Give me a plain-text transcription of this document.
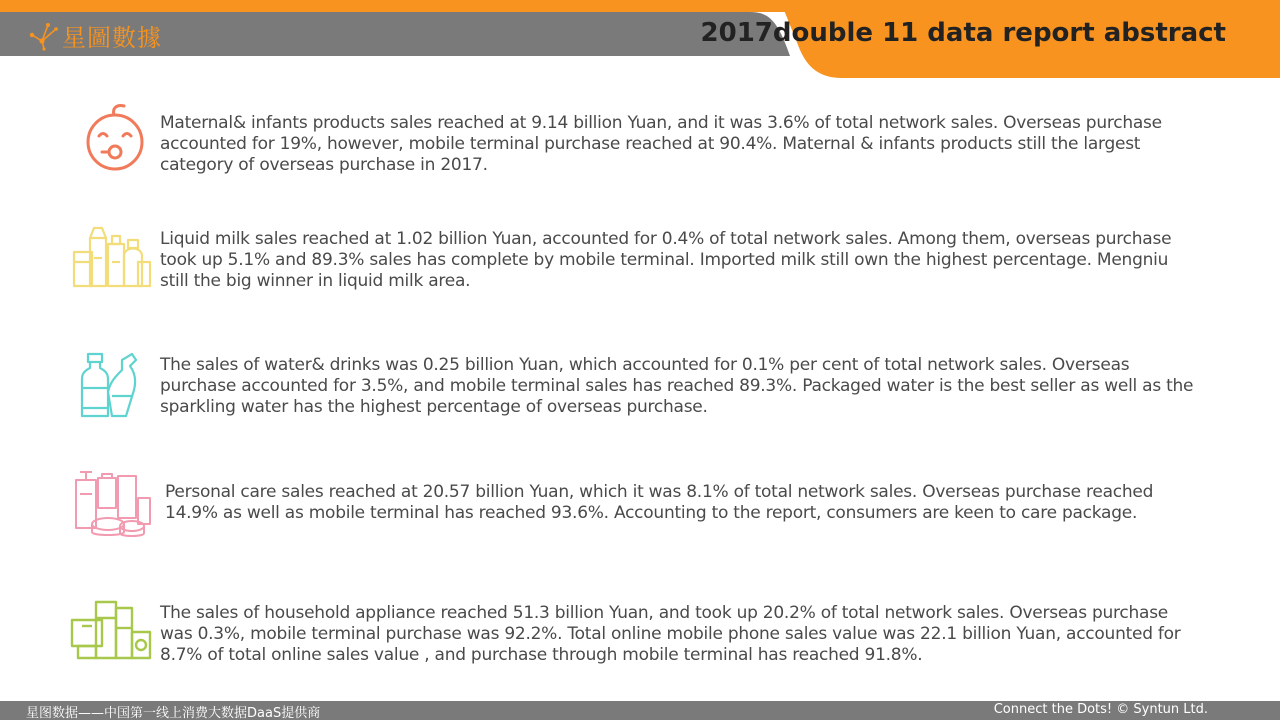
星圖數據	2017double 11 data report abstract

Maternal& infants products sales reached at 9.14 billion Yuan, and it was 3.6% of total network sales. Overseas purchase accounted for 19%, however, mobile terminal purchase reached at 90.4%. Maternal & infants products still the largest category of overseas purchase in 2017.

Liquid milk sales reached at 1.02 billion Yuan, accounted for 0.4% of total network sales. Among them, overseas purchase took up 5.1% and 89.3% sales has complete by mobile terminal. Imported milk still own the highest percentage. Mengniu still the big winner in liquid milk area.

The sales of water& drinks was 0.25 billion Yuan, which accounted for 0.1% per cent of total network sales. Overseas purchase accounted for 3.5%, and mobile terminal sales has reached 89.3%. Packaged water is the best seller as well as the sparkling water has the highest percentage of overseas purchase.

Personal care sales reached at 20.57 billion Yuan, which it was 8.1% of total network sales. Overseas purchase reached 14.9% as well as mobile terminal has reached 93.6%. Accounting to the report, consumers are keen to care package.

The sales of household appliance reached 51.3 billion Yuan, and took up 20.2% of total network sales. Overseas purchase was 0.3%, mobile terminal purchase was 92.2%. Total online mobile phone sales value was 22.1 billion Yuan, accounted for 8.7% of total online sales value , and purchase through mobile terminal has reached 91.8%.

星图数据——中国第一线上消费大数据DaaS提供商	Connect the Dots! © Syntun Ltd.
